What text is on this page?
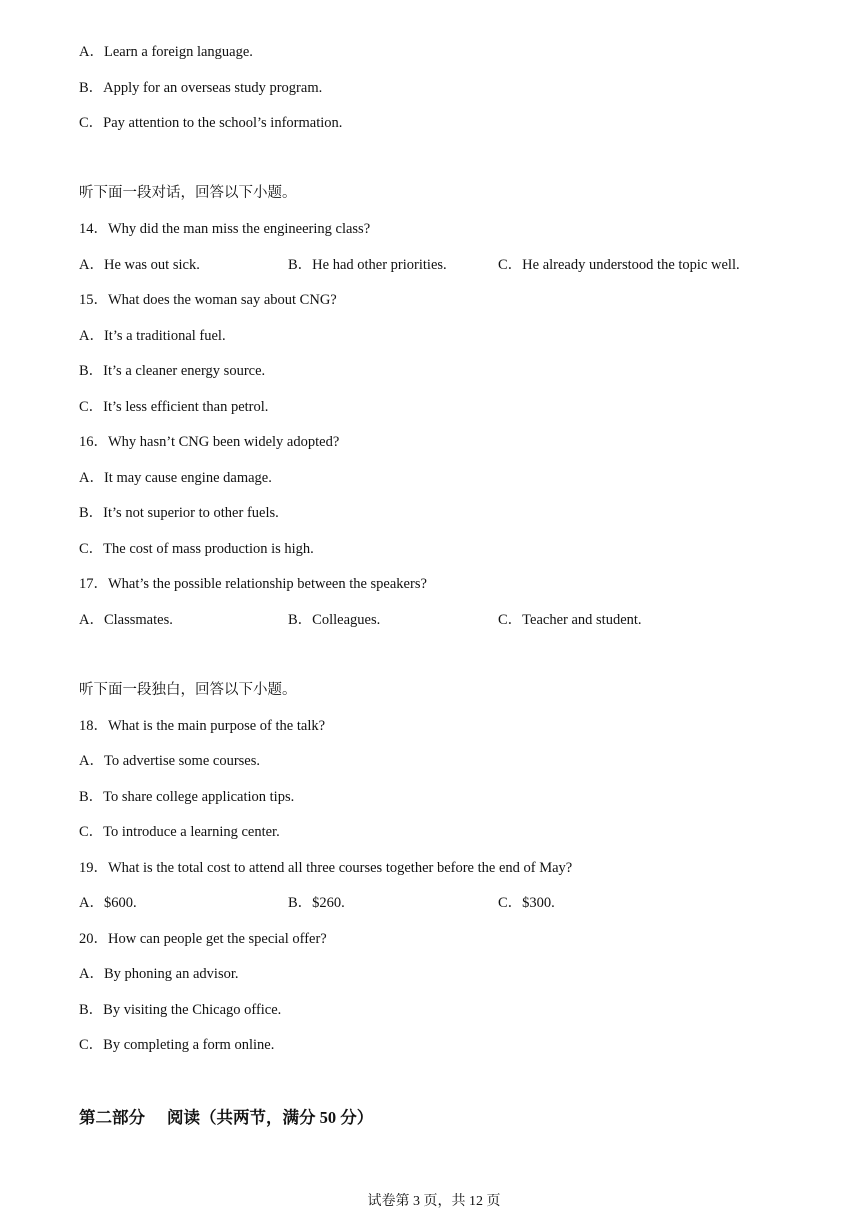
A．Learn a foreign language.
B．Apply for an overseas study program.
C．Pay attention to the school’s information.
听下面一段对话，回答以下小题。
14．Why did the man miss the engineering class?
A．He was out sick.	B．He had other priorities.	C．He already understood the topic well.
15．What does the woman say about CNG?
A．It’s a traditional fuel.
B．It’s a cleaner energy source.
C．It’s less efficient than petrol.
16．Why hasn’t CNG been widely adopted?
A．It may cause engine damage.
B．It’s not superior to other fuels.
C．The cost of mass production is high.
17．What’s the possible relationship between the speakers?
A．Classmates.	B．Colleagues.	C．Teacher and student.
听下面一段独白，回答以下小题。
18．What is the main purpose of the talk?
A．To advertise some courses.
B．To share college application tips.
C．To introduce a learning center.
19．What is the total cost to attend all three courses together before the end of May?
A．$600.	B．$260.	C．$300.
20．How can people get the special offer?
A．By phoning an advisor.
B．By visiting the Chicago office.
C．By completing a form online.
第二部分 阅读（共两节，满分 50 分）
试卷第 3 页，共 12 页
